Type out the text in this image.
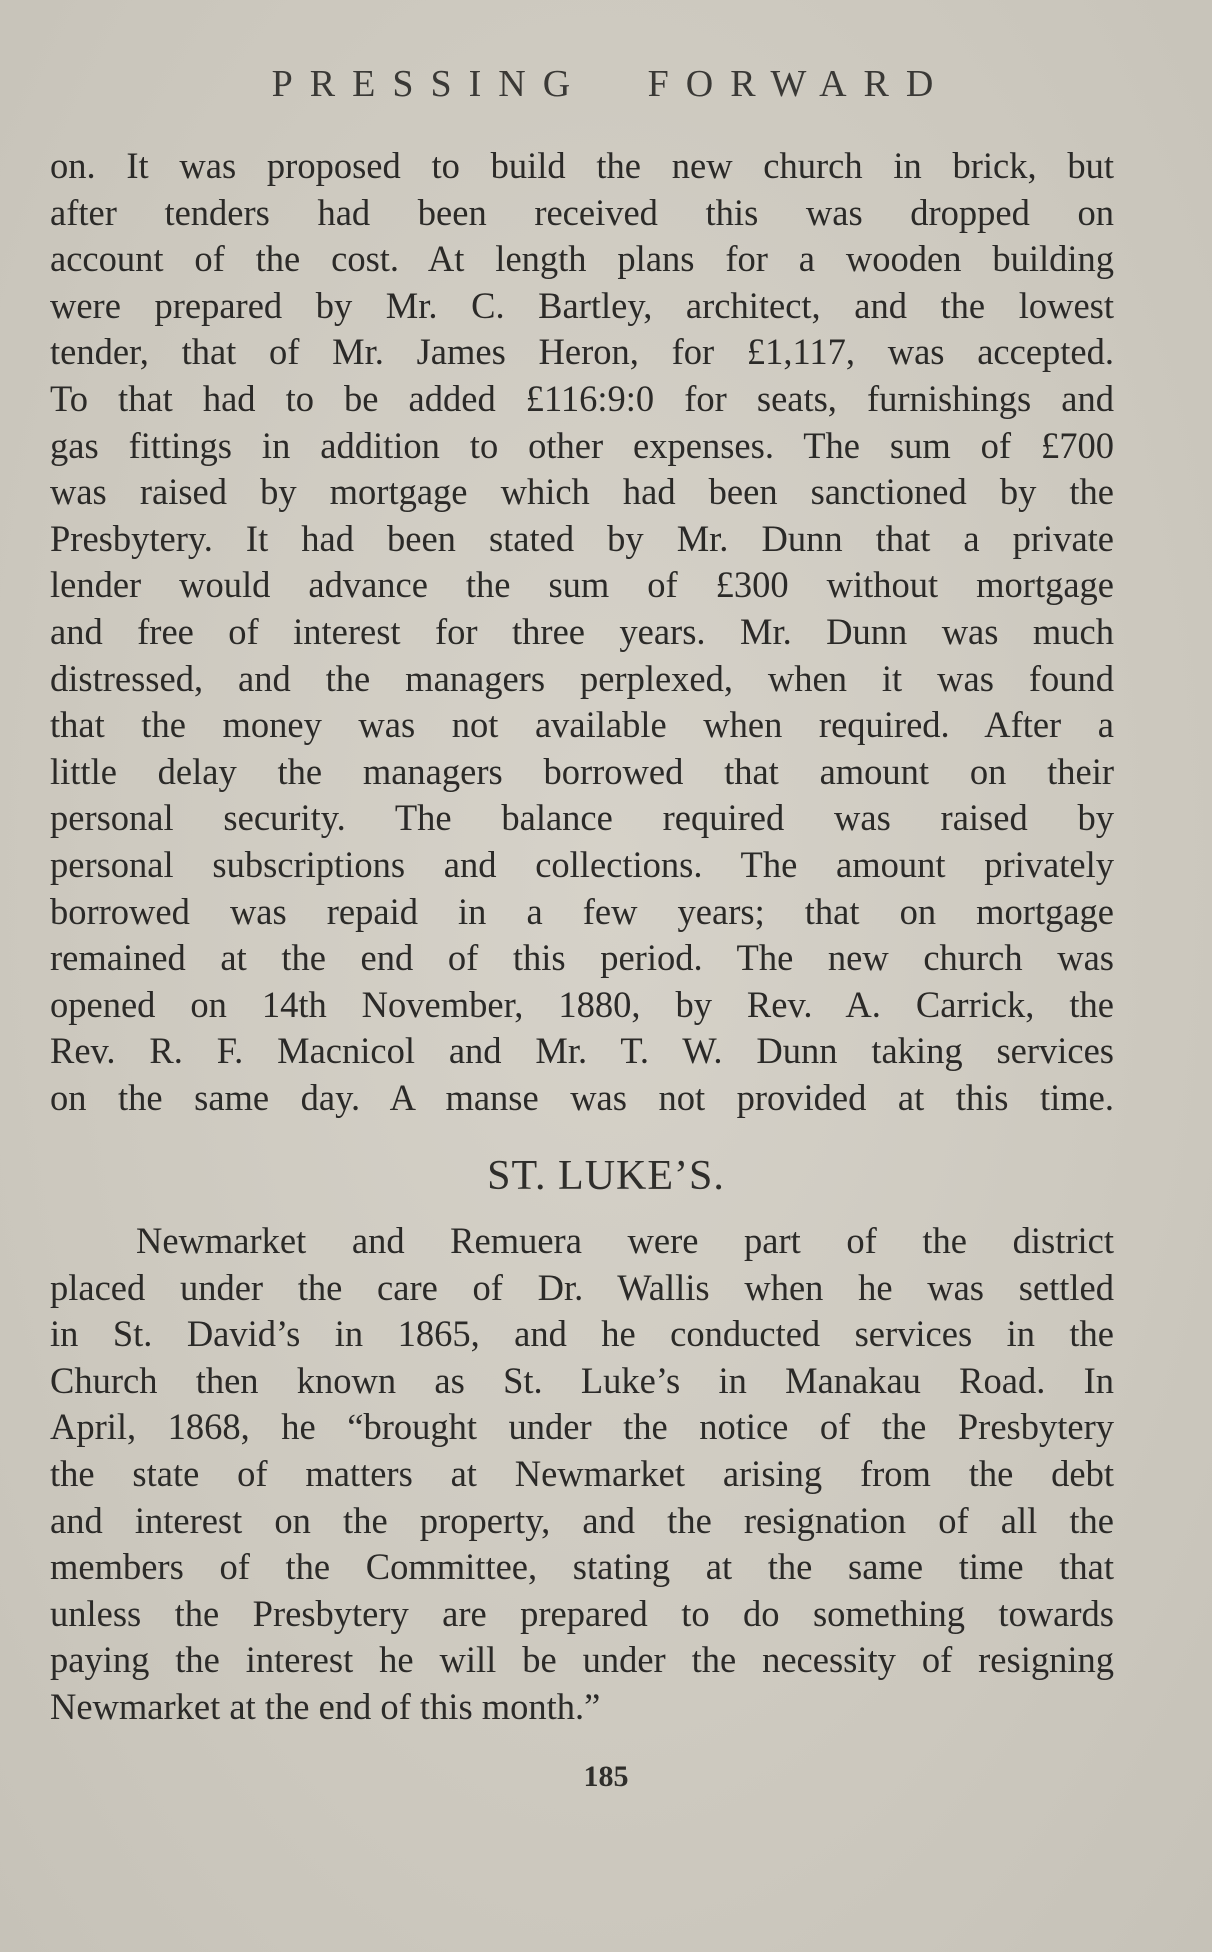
PRESSING FORWARD
on. It was proposed to build the new church in brick, but
after tenders had been received this was dropped on
account of the cost. At length plans for a wooden building
were prepared by Mr. C. Bartley, architect, and the lowest
tender, that of Mr. James Heron, for £1,117, was accepted.
To that had to be added £116:9:0 for seats, furnishings and
gas fittings in addition to other expenses. The sum of £700
was raised by mortgage which had been sanctioned by the
Presbytery. It had been stated by Mr. Dunn that a private
lender would advance the sum of £300 without mortgage
and free of interest for three years. Mr. Dunn was much
distressed, and the managers perplexed, when it was found
that the money was not available when required. After a
little delay the managers borrowed that amount on their
personal security. The balance required was raised by
personal subscriptions and collections. The amount privately
borrowed was repaid in a few years; that on mortgage
remained at the end of this period. The new church was
opened on 14th November, 1880, by Rev. A. Carrick, the
Rev. R. F. Macnicol and Mr. T. W. Dunn taking services
on the same day. A manse was not provided at this time.
ST. LUKE’S.
Newmarket and Remuera were part of the district
placed under the care of Dr. Wallis when he was settled
in St. David’s in 1865, and he conducted services in the
Church then known as St. Luke’s in Manakau Road. In
April, 1868, he “brought under the notice of the Presbytery
the state of matters at Newmarket arising from the debt
and interest on the property, and the resignation of all the
members of the Committee, stating at the same time that
unless the Presbytery are prepared to do something towards
paying the interest he will be under the necessity of resigning
Newmarket at the end of this month.”
185
